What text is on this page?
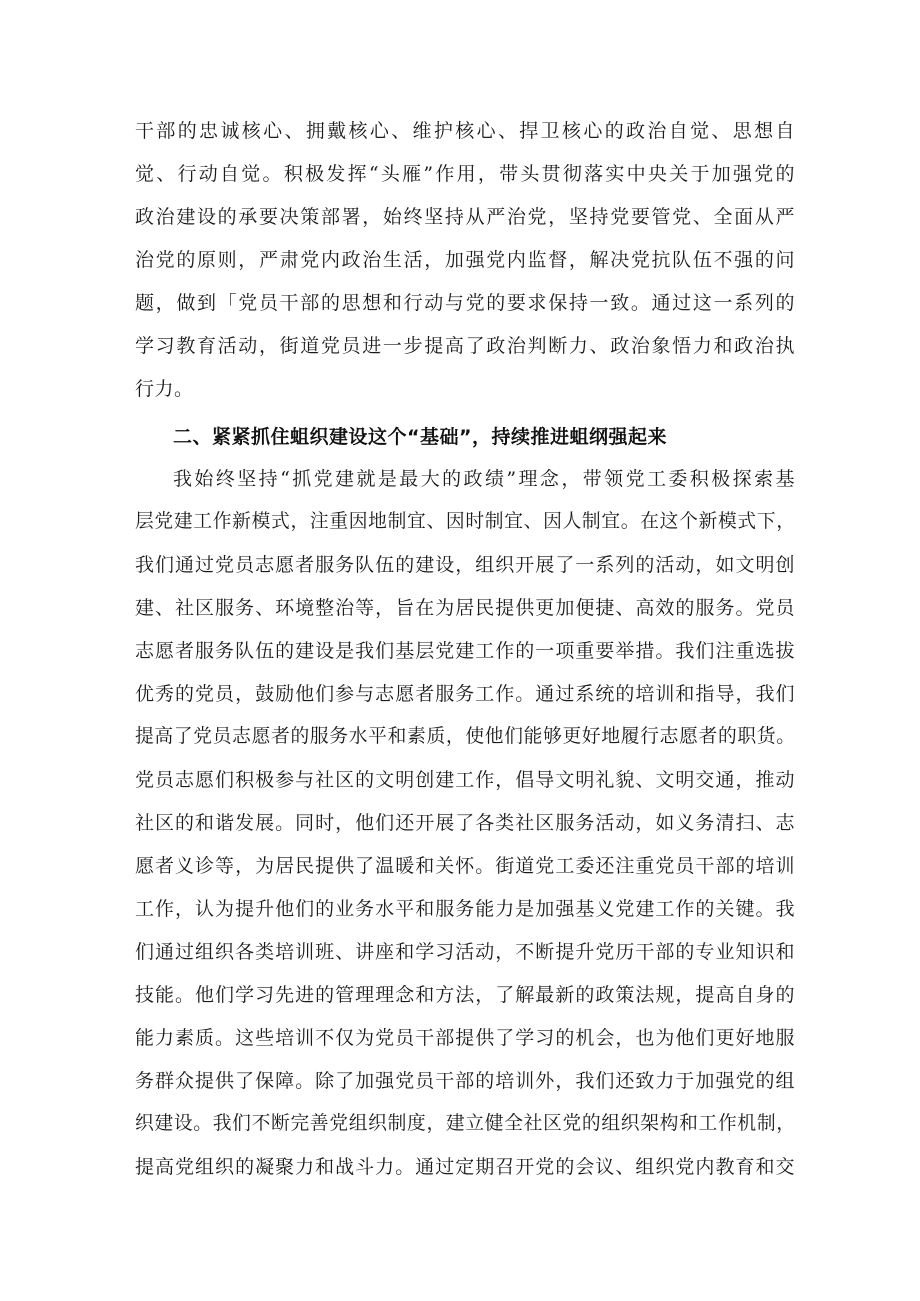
干部的忠诚核心、拥戴核心、维护核心、捍卫核心的政治自觉、思想自
觉、行动自觉。积极发挥“头雁”作用，带头贯彻落实中央关于加强党的
政治建设的承要决策部署，始终坚持从严治党，坚持党要管党、全面从严
治党的原则，严肃党内政治生活，加强党内监督，解决党抗队伍不强的问
题，做到「党员干部的思想和行动与党的要求保持一致。通过这一系列的
学习教育活动，街道党员进一步提高了政治判断力、政治象悟力和政治执
行力。
二、紧紧抓住蛆织建设这个“基础”，持续推进蛆纲强起来
我始终坚持“抓党建就是最大的政绩”理念，带领党工委积极探索基
层党建工作新模式，注重因地制宜、因时制宜、因人制宜。在这个新模式下，
我们通过党员志愿者服务队伍的建设，组织开展了一系列的活动，如文明创
建、社区服务、环境整治等，旨在为居民提供更加便捷、高效的服务。党员
志愿者服务队伍的建设是我们基层党建工作的一项重要举措。我们注重选拔
优秀的党员，鼓励他们参与志愿者服务工作。通过系统的培训和指导，我们
提高了党员志愿者的服务水平和素质，使他们能够更好地履行志愿者的职货。
党员志愿们积极参与社区的文明创建工作，倡导文明礼貌、文明交通，推动
社区的和谐发展。同时，他们还开展了各类社区服务活动，如义务清扫、志
愿者义诊等，为居民提供了温暖和关怀。街道党工委还注重党员干部的培训
工作，认为提升他们的业务水平和服务能力是加强基义党建工作的关键。我
们通过组织各类培训班、讲座和学习活动，不断提升党历干部的专业知识和
技能。他们学习先进的管理理念和方法，了解最新的政策法规，提高自身的
能力素质。这些培训不仅为党员干部提供了学习的机会，也为他们更好地服
务群众提供了保障。除了加强党员干部的培训外，我们还致力于加强党的组
织建设。我们不断完善党组织制度，建立健全社区党的组织架构和工作机制，
提高党组织的凝聚力和战斗力。通过定期召开党的会议、组织党内教育和交
